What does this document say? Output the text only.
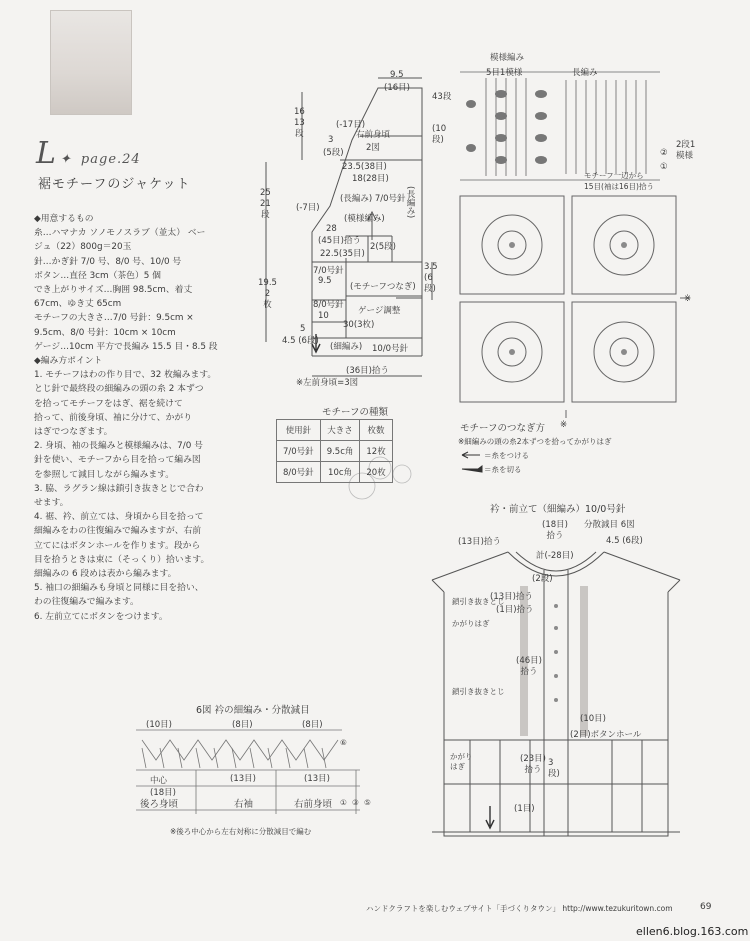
L ✦ page.24
裾モチーフのジャケット
◆用意するもの
糸…ハマナカ ソノモノスラブ（並太） ベー
ジュ（22）800g＝20玉
針…かぎ針 7/0 号、8/0 号、10/0 号
ボタン…直径 3cm（茶色）5 個
でき上がりサイズ…胸囲 98.5cm、着丈
67cm、ゆき丈 65cm
モチーフの大きさ…7/0 号針：9.5cm ×
9.5cm、8/0 号針：10cm × 10cm
ゲージ…10cm 平方で長編み 15.5 目・8.5 段
◆編み方ポイント
1. モチーフはわの作り目で、32 枚編みます。
とじ針で最終段の細編みの頭の糸 2 本ずつ
を拾ってモチーフをはぎ、裾を続けて
拾って、前後身頃、袖に分けて、かがり
はぎでつなぎます。
2. 身頃、袖の長編みと模様編みは、7/0 号
針を使い、モチーフから目を拾って編み図
を参照して減目しながら編みます。
3. 脇、ラグラン線は鎖引き抜きとじで合わ
せます。
4. 裾、衿、前立ては、身頃から目を拾って
細編みをわの往復編みで編みますが、右前
立てにはボタンホールを作ります。段から
目を拾うときは束に（そっくり）拾います。
細編みの 6 段めは表から編みます。
5. 袖口の細編みも身頃と同様に目を拾い、
わの往復編みで編みます。
6. 左前立てにボタンをつけます。
9.5
(16目)
16
13
段
(-17目)
3
(5段)
右前身頃
2図
23.5(38目)
18(28目)
25
21
段
(長編み) 7/0号針
(-7目)	(長編み)
(模様編み)
28
(45目)拾う
22.5(35目)
2(5段)
19.5
2
枚
7/0号針
9.5
(モチーフつなぎ)
8/0号針
10	ゲージ調整
30(3枚)
5
3.5
(6
段)
4.5 (6段)
(細編み) 10/0号針
(36目)拾う
※左前身頃=3図
モチーフの種類
使用針	大きさ	枚数
7/0号針	9.5c角	12枚
8/0号針	10c角	20枚
模様編み
5目1模様	長編み
43段
(10
段)	2段1
模様
②
①
モチーフ一辺から
15目(袖は16目)拾う
※
※
モチーフのつなぎ方
※細編みの頭の糸2本ずつを拾ってかがりはぎ
＝糸をつける
＝糸を切る
6図 衿の細編み・分散減目
(10目)	(8目)	(8目)
中心
(18目)
(13目)	(13目)
後ろ身頃	右袖	右前身頃
⑥
① ③ ⑤
※後ろ中心から左右対称に分散減目で編む
衿・前立て（細編み）10/0号針
(13目)拾う
(18目)
拾う
分散減目 6図
計(-28目)
4.5 (6段)
(2段)
鎖引き抜きとじ
(13目)拾う
(1目)拾う
かがりはぎ
(46目)
拾う
鎖引き抜きとじ
(10目)
(2目)ボタンホール
かがり
はぎ
(23目)
拾う
3
段)
(1目)
ハンドクラフトを楽しむウェブサイト「手づくりタウン」 http://www.tezukuritown.com	69
ellen6.blog.163.com
